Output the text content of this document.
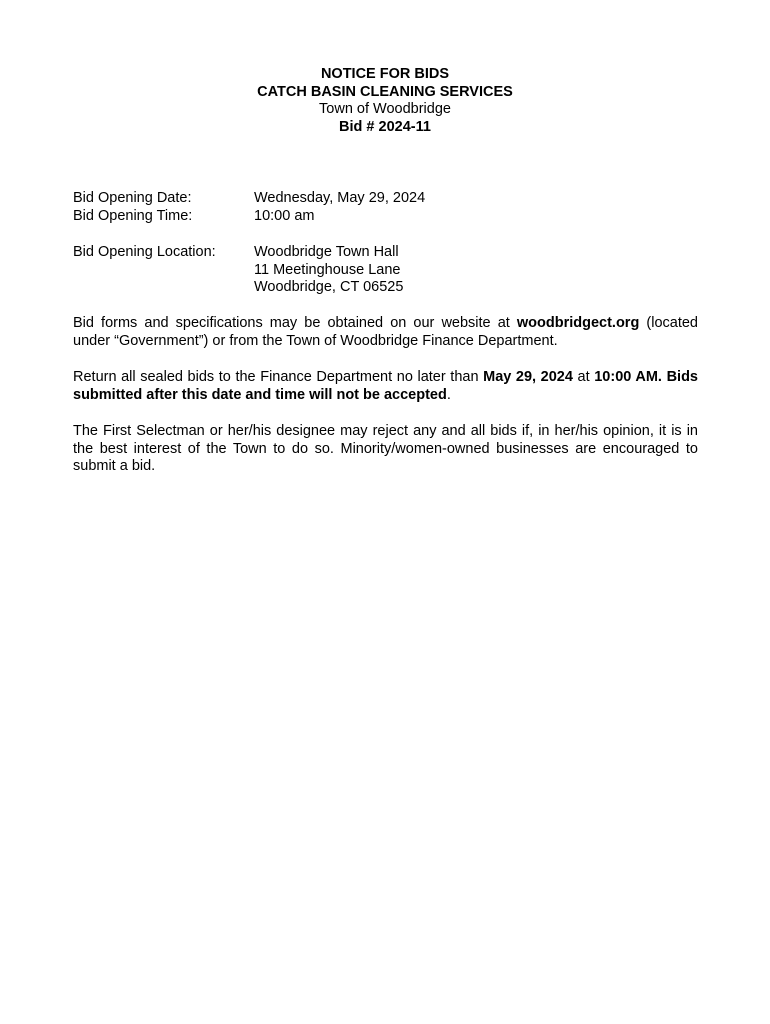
NOTICE FOR BIDS
CATCH BASIN CLEANING SERVICES
Town of Woodbridge
Bid # 2024-11
Bid Opening Date:	Wednesday, May 29, 2024
Bid Opening Time:	10:00 am
Bid Opening Location:	Woodbridge Town Hall
11 Meetinghouse Lane
Woodbridge, CT 06525
Bid forms and specifications may be obtained on our website at woodbridgect.org (located under “Government”) or from the Town of Woodbridge Finance Department.
Return all sealed bids to the Finance Department no later than May 29, 2024 at 10:00 AM. Bids submitted after this date and time will not be accepted.
The First Selectman or her/his designee may reject any and all bids if, in her/his opinion, it is in the best interest of the Town to do so. Minority/women-owned businesses are encouraged to submit a bid.
